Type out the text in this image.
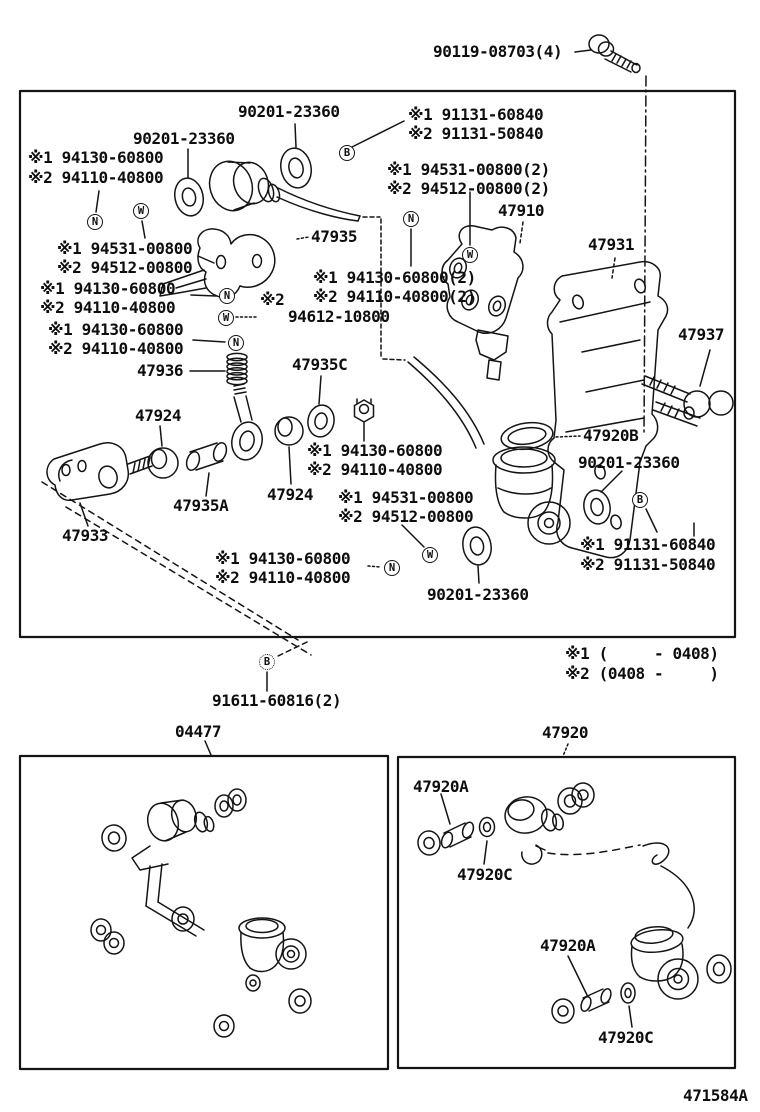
90119-08703(4)
90201-23360
90201-23360
※1 91131-60840
※2 91131-50840
※1 94130-60800
※2 94110-40800
※1 94531-00800
※2 94512-00800
47935
※1 94531-00800(2)
※2 94512-00800(2)
47910
47931
47937
※1 94130-60800(2)
※2 94110-40800(2)
※1 94130-60800
※2 94110-40800	※2
94612-10800
※1 94130-60800
※2 94110-40800
47936	47935C
47924
47933
47935A
47924
※1 94130-60800
※2 94110-40800
※1 94531-00800
※2 94512-00800
47920B
90201-23360
※1 91131-60840
※2 91131-50840
90201-23360
※1 94130-60800
※2 94110-40800
※1 (     - 0408)
※2 (0408 -     )
91611-60816(2)
04477	47920
47920A
47920C
47920A
47920C
471584A
B
N
W
N
W
N
W
N
W
N
B
B
